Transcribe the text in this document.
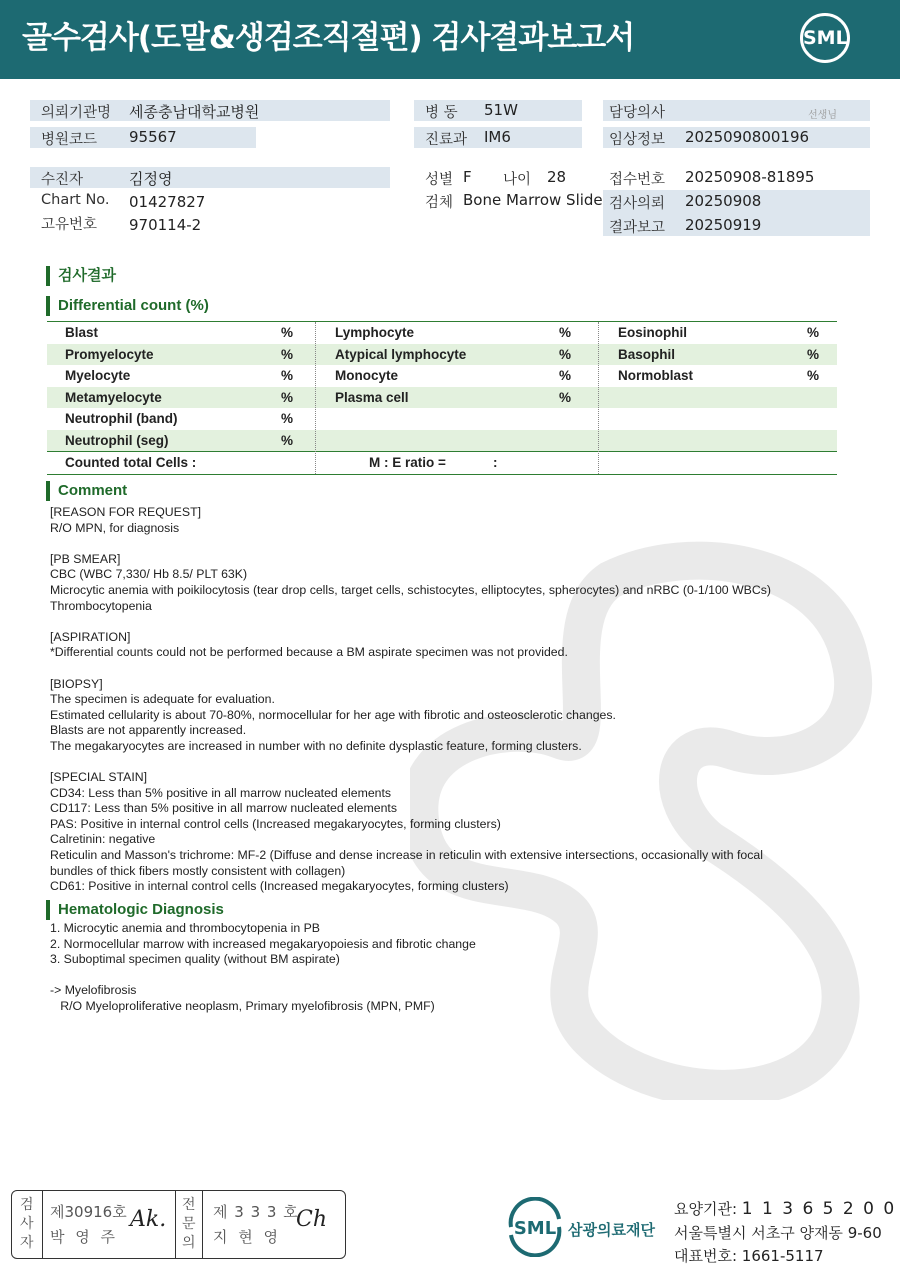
골수검사(도말&생검조직절편) 검사결과보고서	SML
의뢰기관명 세종충남대학교병원
병원코드 95567
병 동 51W
진료과 IM6
담당의사	선생님
임상정보 2025090800196
수진자	김정영
Chart No. 01427827
고유번호 970114-2
성별 F 나이 28
검체 Bone Marrow Slide
접수번호 20250908-81895
검사의뢰 20250908
결과보고 20250919
검사결과
Differential count (%)
Blast	%	Lymphocyte	%	Eosinophil	%
Promyelocyte	%	Atypical lymphocyte	%	Basophil	%
Myelocyte	%	Monocyte	%	Normoblast	%
Metamyelocyte	%	Plasma cell	%
Neutrophil (band)	%
Neutrophil (seg)	%
Counted total Cells :	M : E ratio =	:
Comment
[REASON FOR REQUEST]
R/O MPN, for diagnosis
[PB SMEAR]
CBC (WBC 7,330/ Hb 8.5/ PLT 63K)
Microcytic anemia with poikilocytosis (tear drop cells, target cells, schistocytes, elliptocytes, spherocytes) and nRBC (0-1/100 WBCs)
Thrombocytopenia
[ASPIRATION]
*Differential counts could not be performed because a BM aspirate specimen was not provided.
[BIOPSY]
The specimen is adequate for evaluation.
Estimated cellularity is about 70-80%, normocellular for her age with fibrotic and osteosclerotic changes.
Blasts are not apparently increased.
The megakaryocytes are increased in number with no definite dysplastic feature, forming clusters.
[SPECIAL STAIN]
CD34: Less than 5% positive in all marrow nucleated elements
CD117: Less than 5% positive in all marrow nucleated elements
PAS: Positive in internal control cells (Increased megakaryocytes, forming clusters)
Calretinin: negative
Reticulin and Masson's trichrome: MF-2 (Diffuse and dense increase in reticulin with extensive intersections, occasionally with focal
bundles of thick fibers mostly consistent with collagen)
CD61: Positive in internal control cells (Increased megakaryocytes, forming clusters)
Hematologic Diagnosis
1. Microcytic anemia and thrombocytopenia in PB
2. Normocellular marrow with increased megakaryopoiesis and fibrotic change
3. Suboptimal specimen quality (without BM aspirate)
-> Myelofibrosis
R/O Myeloproliferative neoplasm, Primary myelofibrosis (MPN, PMF)
검
사
자
제30916호
박 영 주
Ak.
전
문
의
제 3 3 3 호
지 현 영
Ch	SML 삼광의료재단
요양기관: 1 1 3 6 5 2 0 0
서울특별시 서초구 양재동 9-60
대표번호: 1661-5117
